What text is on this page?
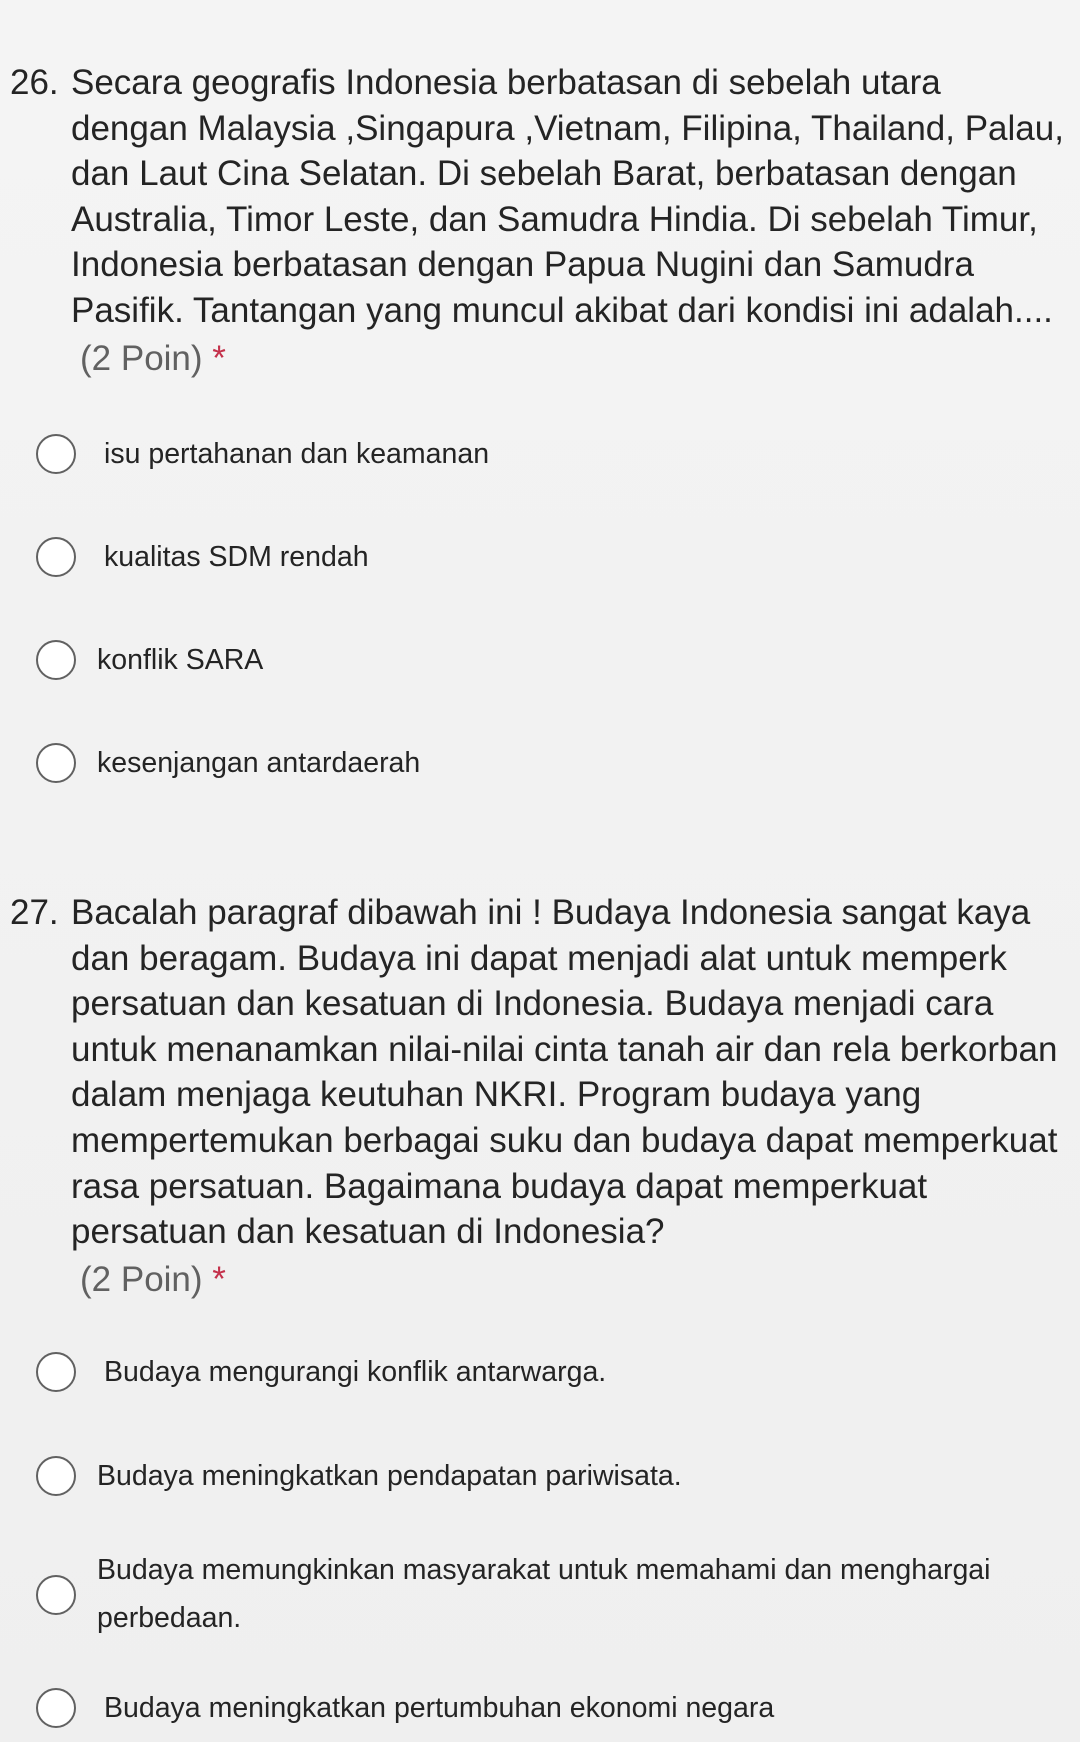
26. Secara geografis Indonesia berbatasan di sebelah utara dengan Malaysia ,Singapura ,Vietnam, Filipina, Thailand, Palau, dan Laut Cina Selatan. Di sebelah Barat, berbatasan dengan Australia, Timor Leste, dan Samudra Hindia. Di sebelah Timur, Indonesia berbatasan dengan Papua Nugini dan Samudra Pasifik. Tantangan yang muncul akibat dari kondisi ini adalah....
(2 Poin) *
isu pertahanan dan keamanan
kualitas SDM rendah
konflik SARA
kesenjangan antardaerah
27. Bacalah paragraf dibawah ini ! Budaya Indonesia sangat kaya dan beragam. Budaya ini dapat menjadi alat untuk memperk persatuan dan kesatuan di Indonesia. Budaya menjadi cara untuk menanamkan nilai-nilai cinta tanah air dan rela berkorban dalam menjaga keutuhan NKRI. Program budaya yang mempertemukan berbagai suku dan budaya dapat memperkuat rasa persatuan. Bagaimana budaya dapat memperkuat persatuan dan kesatuan di Indonesia?
(2 Poin) *
Budaya mengurangi konflik antarwarga.
Budaya meningkatkan pendapatan pariwisata.
Budaya memungkinkan masyarakat untuk memahami dan menghargai perbedaan.
Budaya meningkatkan pertumbuhan ekonomi negara
